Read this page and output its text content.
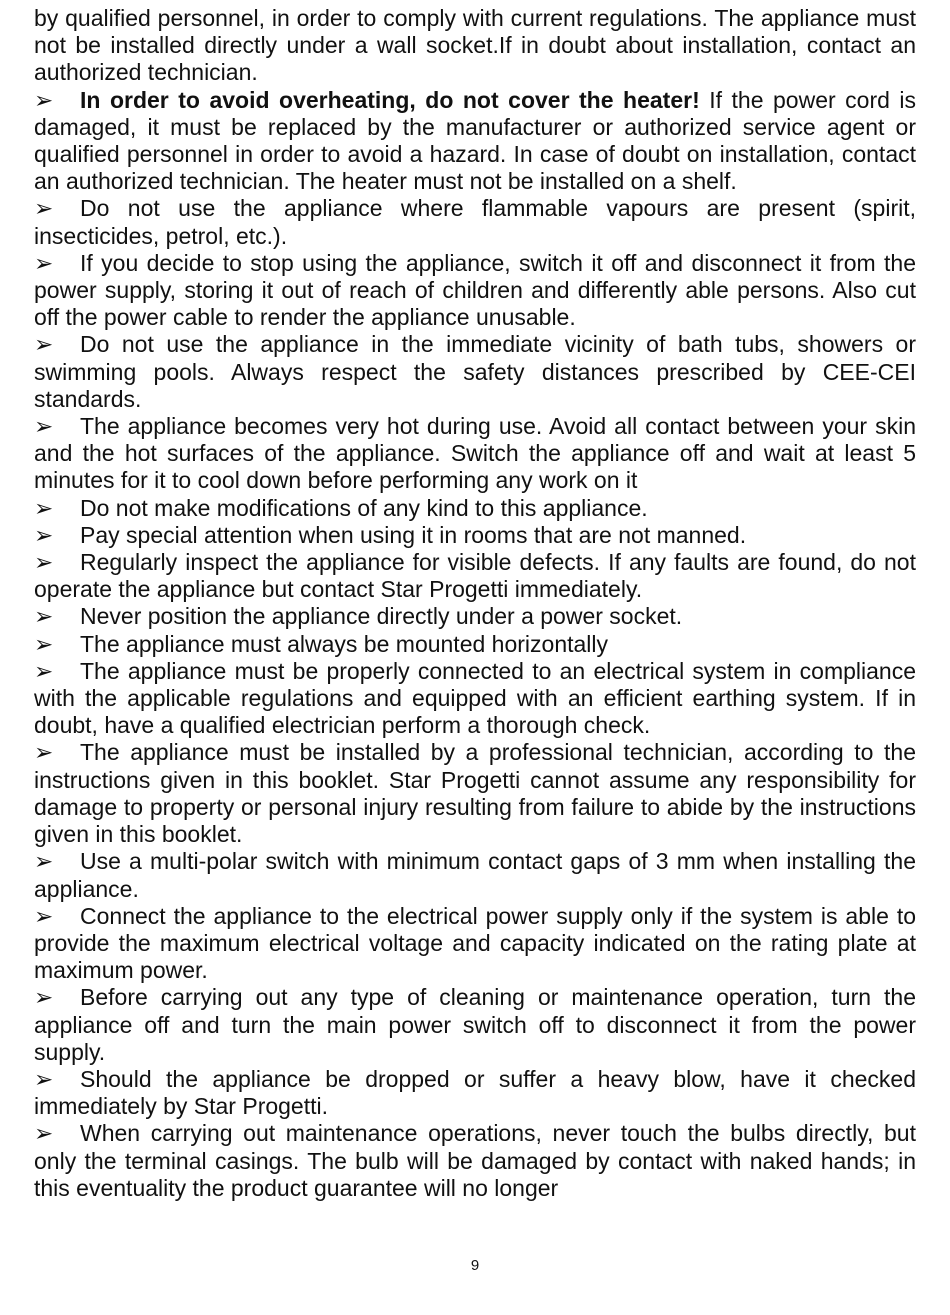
by qualified personnel, in order to comply with current regulations. The appliance must not be installed directly under a wall socket.If in doubt about installation, contact an authorized technician.

➢ In order to avoid overheating, do not cover the heater! If the power cord is damaged, it must be replaced by the manufacturer or authorized service agent or qualified personnel in order to avoid a hazard. In case of doubt on installation, contact an authorized technician. The heater must not be installed on a shelf.

➢ Do not use the appliance where flammable vapours are present (spirit, insecticides, petrol, etc.).

➢ If you decide to stop using the appliance, switch it off and disconnect it from the power supply, storing it out of reach of children and differently able persons. Also cut off the power cable to render the appliance unusable.

➢ Do not use the appliance in the immediate vicinity of bath tubs, showers or swimming pools. Always respect the safety distances prescribed by CEE-CEI standards.

➢ The appliance becomes very hot during use. Avoid all contact between your skin and the hot surfaces of the appliance. Switch the appliance off and wait at least 5 minutes for it to cool down before performing any work on it

➢ Do not make modifications of any kind to this appliance.

➢ Pay special attention when using it in rooms that are not manned.

➢ Regularly inspect the appliance for visible defects. If any faults are found, do not operate the appliance but contact Star Progetti immediately.

➢ Never position the appliance directly under a power socket.

➢ The appliance must always be mounted horizontally

➢ The appliance must be properly connected to an electrical system in compliance with the applicable regulations and equipped with an efficient earthing system. If in doubt, have a qualified electrician perform a thorough check.

➢ The appliance must be installed by a professional technician, according to the instructions given in this booklet. Star Progetti cannot assume any responsibility for damage to property or personal injury resulting from failure to abide by the instructions given in this booklet.

➢ Use a multi-polar switch with minimum contact gaps of 3 mm when installing the appliance.

➢ Connect the appliance to the electrical power supply only if the system is able to provide the maximum electrical voltage and capacity indicated on the rating plate at maximum power.

➢ Before carrying out any type of cleaning or maintenance operation, turn the appliance off and turn the main power switch off to disconnect it from the power supply.

➢ Should the appliance be dropped or suffer a heavy blow, have it checked immediately by Star Progetti.

➢ When carrying out maintenance operations, never touch the bulbs directly, but only the terminal casings. The bulb will be damaged by contact with naked hands; in this eventuality the product guarantee will no longer

9
